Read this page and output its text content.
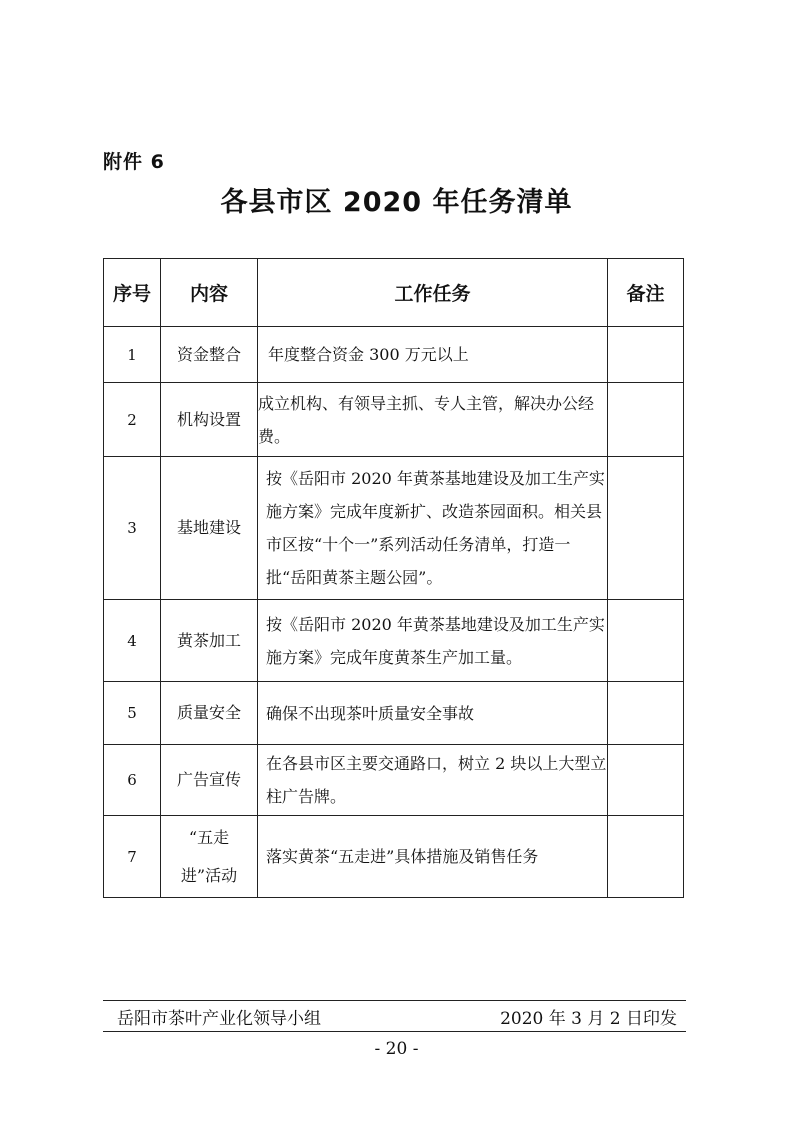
附件 6
各县市区 2020 年任务清单
序号	内容	工作任务	备注
1	资金整合	年度整合资金 300 万元以上	
2	机构设置	成立机构、有领导主抓、专人主管，解决办公经费。	
3	基地建设	按《岳阳市 2020 年黄茶基地建设及加工生产实施方案》完成年度新扩、改造茶园面积。相关县市区按“十个一”系列活动任务清单，打造一批“岳阳黄茶主题公园”。	
4	黄茶加工	按《岳阳市 2020 年黄茶基地建设及加工生产实施方案》完成年度黄茶生产加工量。	
5	质量安全	确保不出现茶叶质量安全事故	
6	广告宣传	在各县市区主要交通路口，树立 2 块以上大型立柱广告牌。	
7	“五走进”活动	落实黄茶“五走进”具体措施及销售任务	
岳阳市茶叶产业化领导小组	2020 年 3 月 2 日印发
- 20 -
